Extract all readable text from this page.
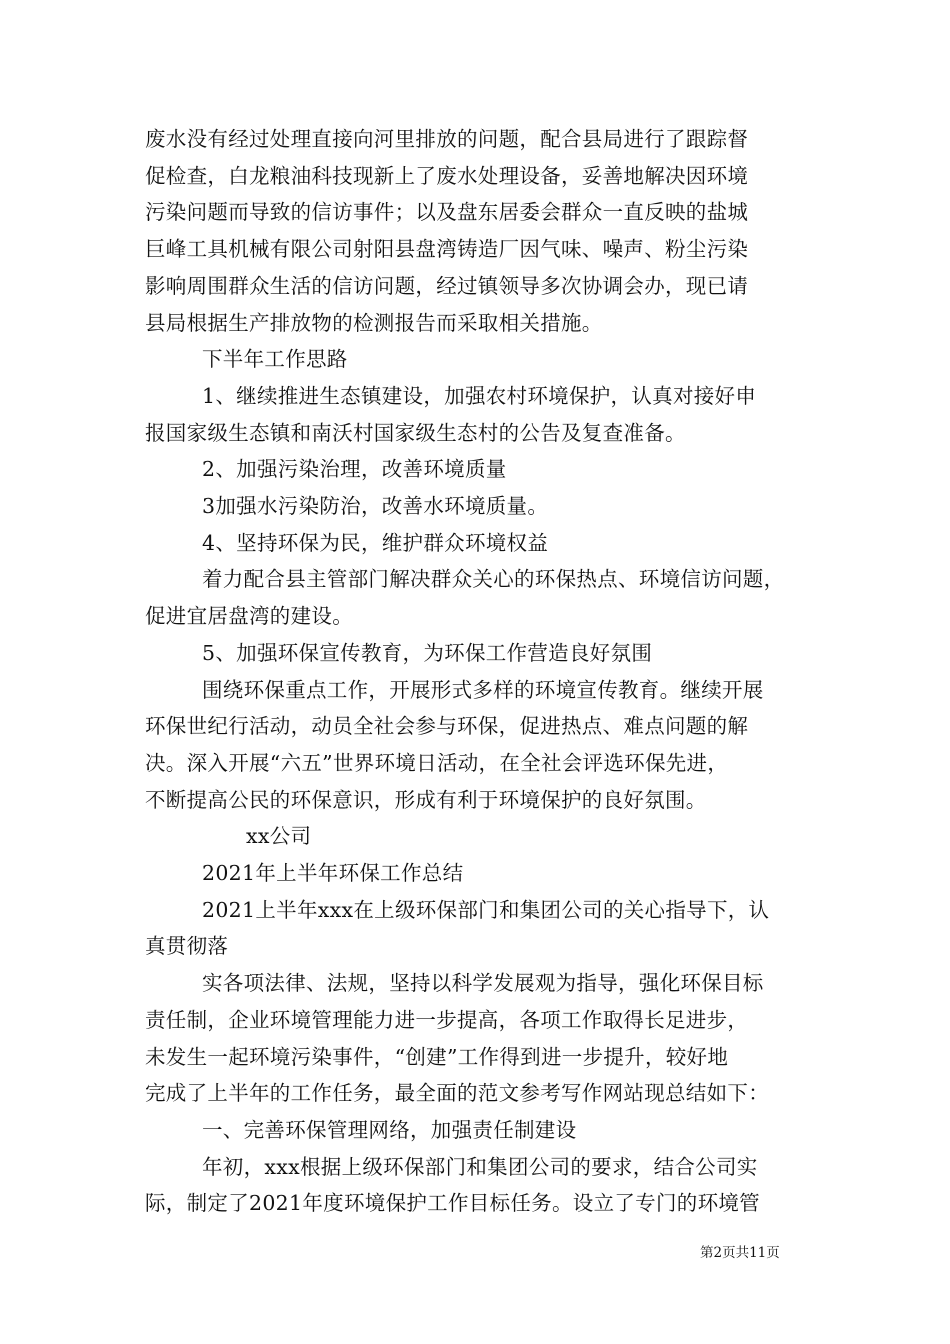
废水没有经过处理直接向河里排放的问题，配合县局进行了跟踪督

促检查，白龙粮油科技现新上了废水处理设备，妥善地解决因环境

污染问题而导致的信访事件；以及盘东居委会群众一直反映的盐城

巨峰工具机械有限公司射阳县盘湾铸造厂因气味、噪声、粉尘污染

影响周围群众生活的信访问题，经过镇领导多次协调会办，现已请

县局根据生产排放物的检测报告而采取相关措施。

下半年工作思路

1、继续推进生态镇建设，加强农村环境保护，认真对接好申

报国家级生态镇和南沃村国家级生态村的公告及复查准备。

2、加强污染治理，改善环境质量

3加强水污染防治，改善水环境质量。

4、坚持环保为民，维护群众环境权益

着力配合县主管部门解决群众关心的环保热点、环境信访问题，

促进宜居盘湾的建设。

5、加强环保宣传教育，为环保工作营造良好氛围

围绕环保重点工作，开展形式多样的环境宣传教育。继续开展

环保世纪行活动，动员全社会参与环保，促进热点、难点问题的解

决。深入开展“六五”世界环境日活动，在全社会评选环保先进，

不断提高公民的环保意识，形成有利于环境保护的良好氛围。

xx公司

2021年上半年环保工作总结

2021上半年xxx在上级环保部门和集团公司的关心指导下，认

真贯彻落

实各项法律、法规，坚持以科学发展观为指导，强化环保目标

责任制，企业环境管理能力进一步提高，各项工作取得长足进步，

未发生一起环境污染事件，“创建”工作得到进一步提升，较好地

完成了上半年的工作任务，最全面的范文参考写作网站现总结如下：

一、完善环保管理网络，加强责任制建设

年初，xxx根据上级环保部门和集团公司的要求，结合公司实

际，制定了2021年度环境保护工作目标任务。设立了专门的环境管

第2页共11页
